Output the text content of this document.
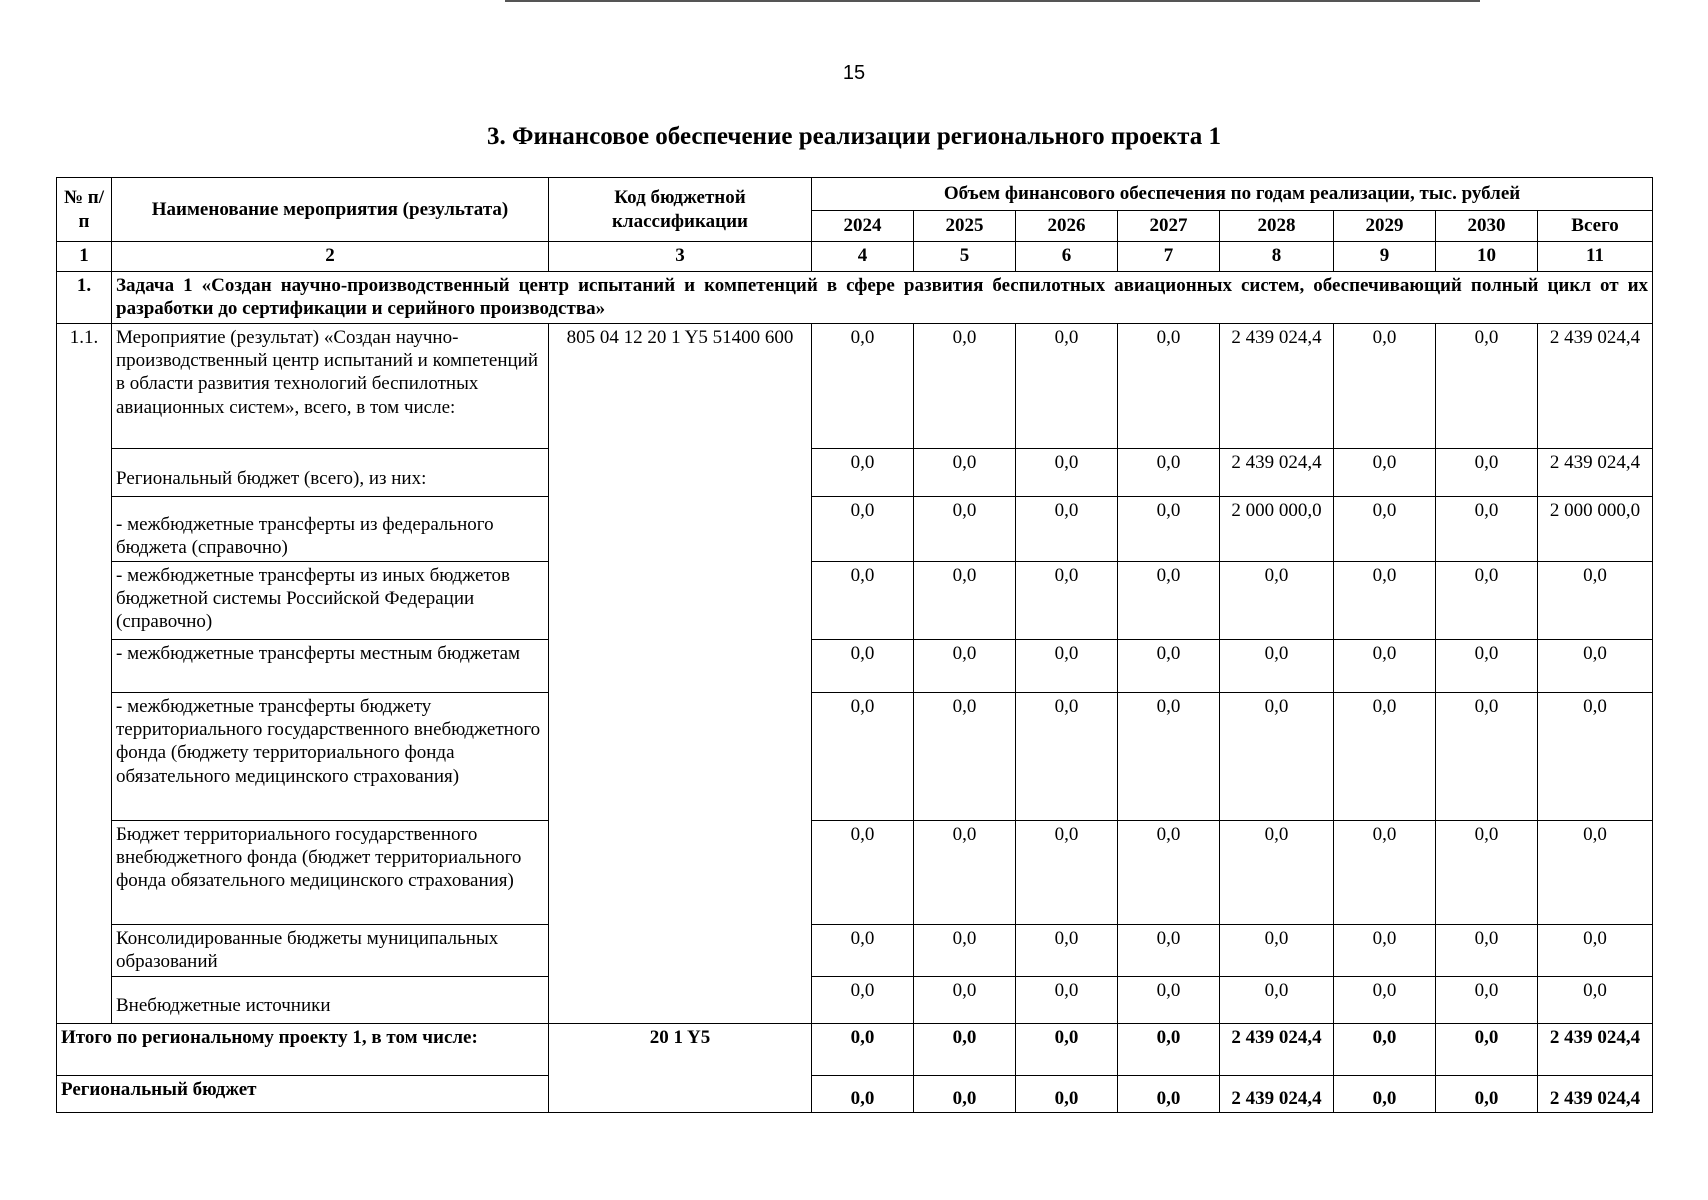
15
3. Финансовое обеспечение реализации регионального проекта 1
№ п/п	Наименование мероприятия (результата)	Код бюджетной классификации	Объем финансового обеспечения по годам реализации, тыс. рублей							
			2024	2025	2026	2027	2028	2029	2030	Всего
1	2	3	4	5	6	7	8	9	10	11
1.	Задача 1 «Создан научно-производственный центр испытаний и компетенций в сфере развития беспилотных авиационных систем, обеспечивающий полный цикл от их разработки до сертификации и серийного производства»									
1.1.	Мероприятие (результат) «Создан научно-производственный центр испытаний и компетенций в области развития технологий беспилотных авиационных систем», всего, в том числе:	805 04 12 20 1 Y5 51400 600	0,0	0,0	0,0	0,0	2 439 024,4	0,0	0,0	2 439 024,4
	Региональный бюджет (всего), из них:		0,0	0,0	0,0	0,0	2 439 024,4	0,0	0,0	2 439 024,4
	- межбюджетные трансферты из федерального бюджета (справочно)		0,0	0,0	0,0	0,0	2 000 000,0	0,0	0,0	2 000 000,0
	- межбюджетные трансферты из иных бюджетов бюджетной системы Российской Федерации (справочно)		0,0	0,0	0,0	0,0	0,0	0,0	0,0	0,0
	- межбюджетные трансферты местным бюджетам		0,0	0,0	0,0	0,0	0,0	0,0	0,0	0,0
	- межбюджетные трансферты бюджету территориального государственного внебюджетного фонда (бюджету территориального фонда обязательного медицинского страхования)		0,0	0,0	0,0	0,0	0,0	0,0	0,0	0,0
	Бюджет территориального государственного внебюджетного фонда (бюджет территориального фонда обязательного медицинского страхования)		0,0	0,0	0,0	0,0	0,0	0,0	0,0	0,0
	Консолидированные бюджеты муниципальных образований		0,0	0,0	0,0	0,0	0,0	0,0	0,0	0,0
	Внебюджетные источники		0,0	0,0	0,0	0,0	0,0	0,0	0,0	0,0
Итого по региональному проекту 1, в том числе:		20 1 Y5	0,0	0,0	0,0	0,0	2 439 024,4	0,0	0,0	2 439 024,4
Региональный бюджет			0,0	0,0	0,0	0,0	2 439 024,4	0,0	0,0	2 439 024,4
